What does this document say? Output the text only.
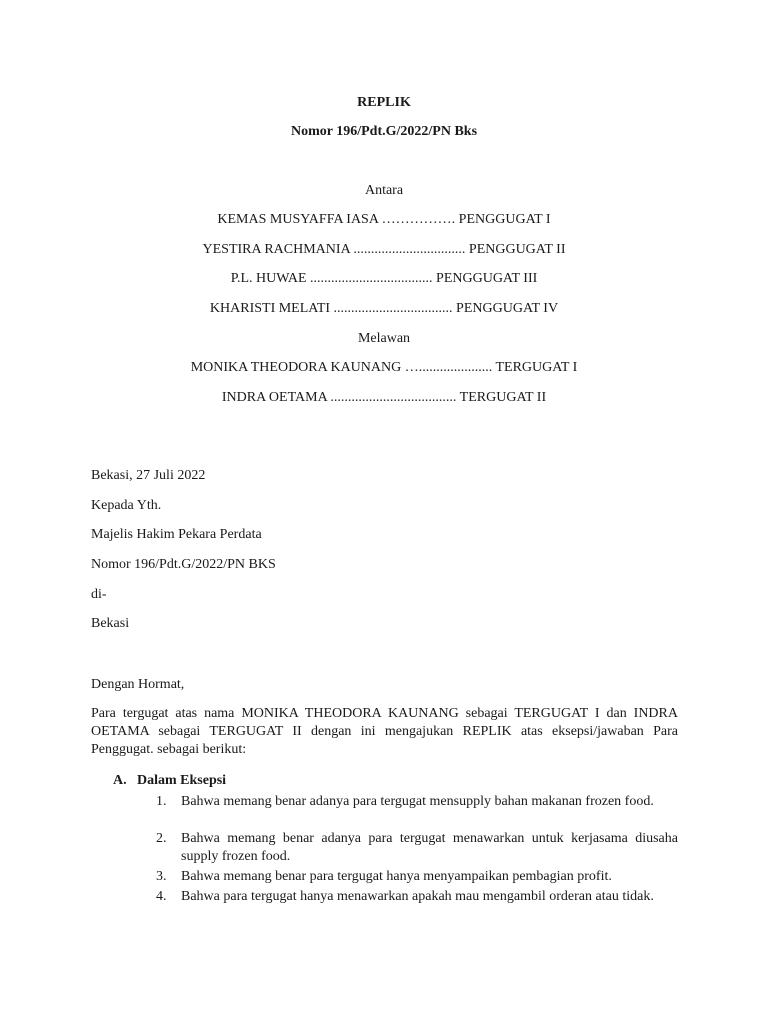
REPLIK
Nomor 196/Pdt.G/2022/PN Bks
Antara
KEMAS MUSYAFFA IASA ……………. PENGGUGAT I
YESTIRA RACHMANIA ................................ PENGGUGAT II
P.L. HUWAE ................................... PENGGUGAT III
KHARISTI MELATI .................................. PENGGUGAT IV
Melawan
MONIKA THEODORA KAUNANG …..................... TERGUGAT I
INDRA OETAMA .................................... TERGUGAT II
Bekasi, 27 Juli 2022
Kepada Yth.
Majelis Hakim Pekara Perdata
Nomor 196/Pdt.G/2022/PN BKS
di-
Bekasi
Dengan Hormat,
Para tergugat atas nama MONIKA THEODORA KAUNANG sebagai TERGUGAT I dan INDRA OETAMA sebagai TERGUGAT II dengan ini mengajukan REPLIK atas eksepsi/jawaban Para Penggugat. sebagai berikut:
A. Dalam Eksepsi
1.	Bahwa memang benar adanya para tergugat mensupply bahan makanan frozen food.
2.	Bahwa memang benar adanya para tergugat menawarkan untuk kerjasama diusaha supply frozen food.
3.	Bahwa memang benar para tergugat hanya menyampaikan pembagian profit.
4.	Bahwa para tergugat hanya menawarkan apakah mau mengambil orderan atau tidak.
